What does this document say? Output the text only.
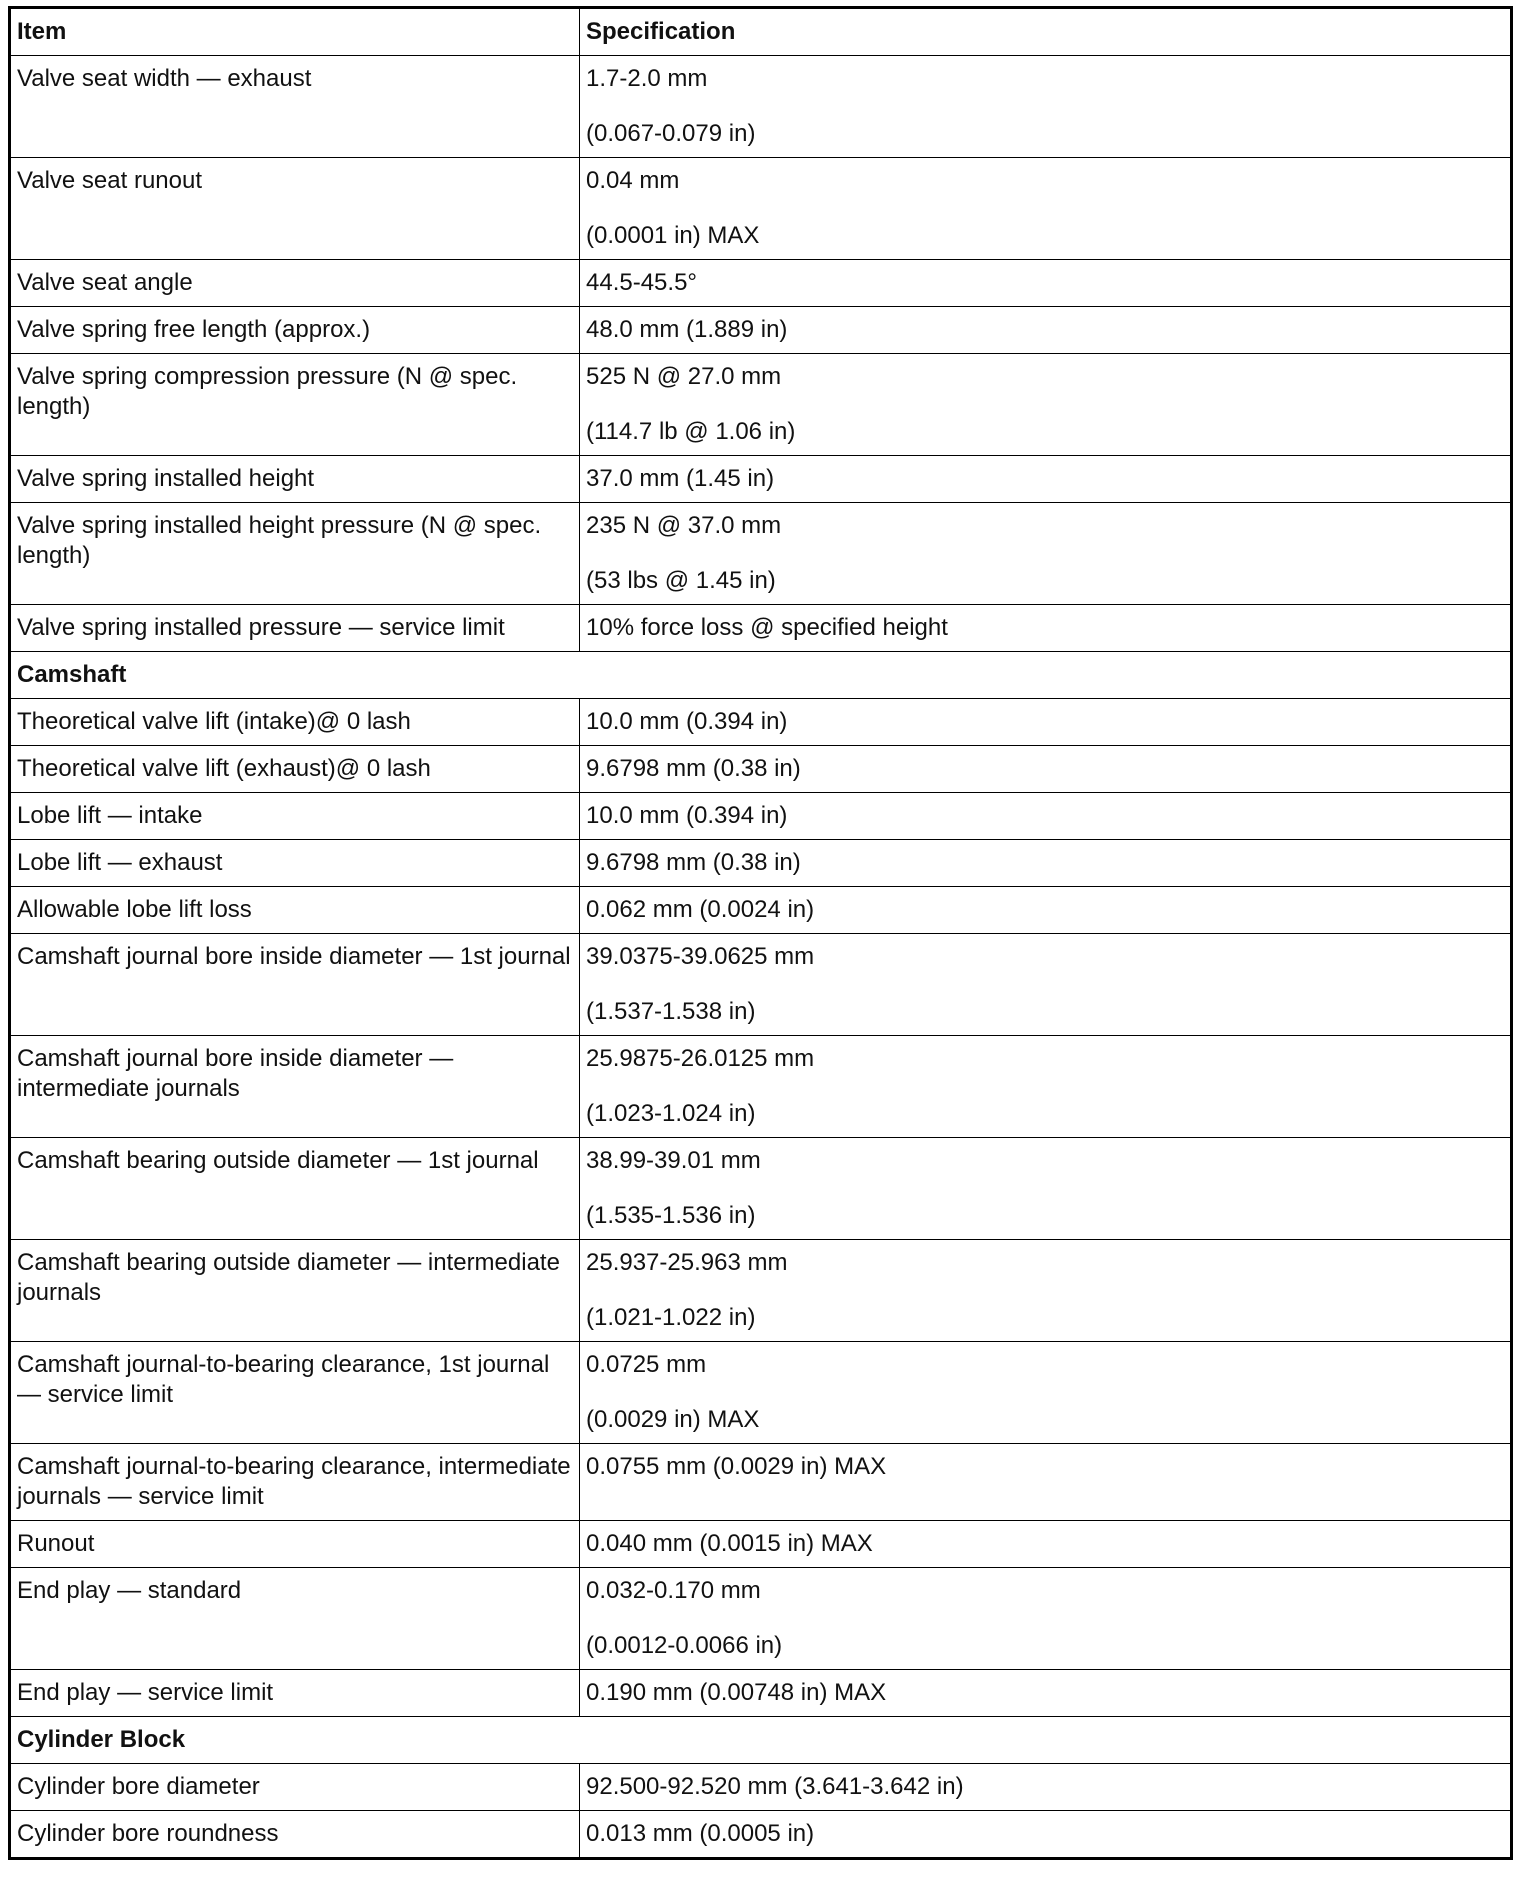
Item	Specification
Valve seat width — exhaust	1.7-2.0 mm
(0.067-0.079 in)

Valve seat runout	0.04 mm
(0.0001 in) MAX

Valve seat angle	44.5-45.5°

Valve spring free length (approx.)	48.0 mm (1.889 in)

Valve spring compression pressure (N @ spec. length)	525 N @ 27.0 mm
(114.7 lb @ 1.06 in)

Valve spring installed height	37.0 mm (1.45 in)

Valve spring installed height pressure (N @ spec. length)	235 N @ 37.0 mm
(53 lbs @ 1.45 in)

Valve spring installed pressure — service limit	10% force loss @ specified height

Camshaft	
Theoretical valve lift (intake)@ 0 lash	10.0 mm (0.394 in)

Theoretical valve lift (exhaust)@ 0 lash	9.6798 mm (0.38 in)

Lobe lift — intake	10.0 mm (0.394 in)

Lobe lift — exhaust	9.6798 mm (0.38 in)

Allowable lobe lift loss	0.062 mm (0.0024 in)

Camshaft journal bore inside diameter — 1st journal	39.0375-39.0625 mm
(1.537-1.538 in)

Camshaft journal bore inside diameter — intermediate journals	25.9875-26.0125 mm
(1.023-1.024 in)

Camshaft bearing outside diameter — 1st journal	38.99-39.01 mm
(1.535-1.536 in)

Camshaft bearing outside diameter — intermediate journals	25.937-25.963 mm
(1.021-1.022 in)

Camshaft journal-to-bearing clearance, 1st journal — service limit	0.0725 mm
(0.0029 in) MAX

Camshaft journal-to-bearing clearance, intermediate journals — service limit	0.0755 mm (0.0029 in) MAX

Runout	0.040 mm (0.0015 in) MAX

End play — standard	0.032-0.170 mm
(0.0012-0.0066 in)

End play — service limit	0.190 mm (0.00748 in) MAX

Cylinder Block	
Cylinder bore diameter	92.500-92.520 mm (3.641-3.642 in)

Cylinder bore roundness	0.013 mm (0.0005 in)
